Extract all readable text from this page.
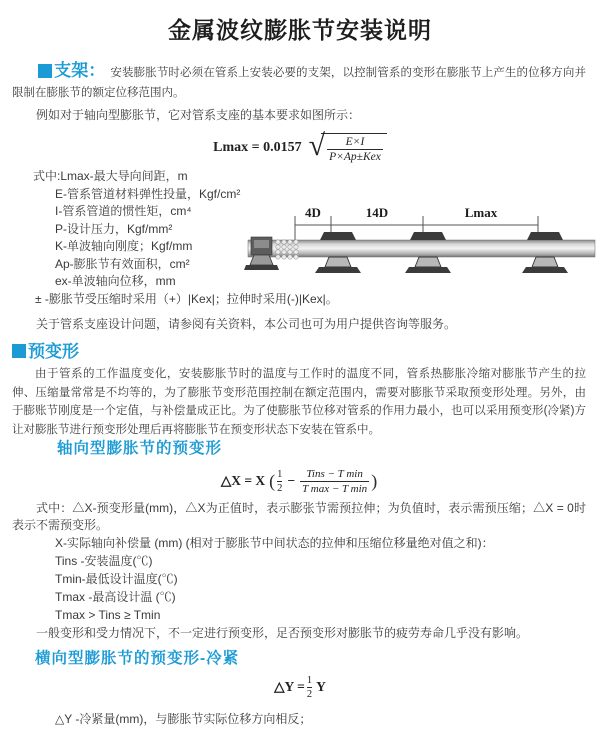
金属波纹膨胀节安装说明

支架： 安装膨胀节时必须在管系上安装必要的支架，以控制管系的变形在膨胀节上产生的位移方向并限制在膨胀节的额定位移范围内。

例如对于轴向型膨胀节，它对管系支座的基本要求如图所示：

Lmax = 0.0157 √ E×I
P×Ap±Kex
式中:Lmax-最大导向间距，m
E-管系管道材料弹性投量，Kgf/cm²
I-管系管道的惯性矩，cm⁴
P-设计压力，Kgf/mm²
K-单波轴向刚度；Kgf/mm
Ap-膨胀节有效面积，cm²
ex-单波轴向位移，mm
± -膨胀节受压缩时采用（+）|Kex|；拉伸时采用(-)|Kex|。
4D	14D	Lmax

关于管系支座设计问题，请参阅有关资料，本公司也可为用户提供咨询等服务。

预变形

由于管系的工作温度变化，安装膨胀节时的温度与工作时的温度不同，管系热膨胀冷缩对膨胀节产生的拉伸、压缩量常常是不均等的，为了膨胀节变形范围控制在额定范围内，需要对膨胀节采取预变形处理。另外，由于膨账节刚度是一个定值，与补偿量成正比。为了使膨胀节位移对管系的作用力最小，也可以采用预变形(冷紧)方让对膨胀节进行预变形处理后再将膨胀节在预变形状态下安装在管系中。

轴向型膨胀节的预变形
△X = X ( $\frac{1}{2}$ − Tins − T min
T max − T min )

式中：△X-预变形量(mm)，△X为正值时，表示膨张节需预拉伸；为负值时，表示需预压缩；△X = 0时表示不需预变形。

X-实际轴向补偿量 (mm) (相对于膨胀节中间状态的拉伸和压缩位移量绝对值之和)：
Tins -安装温度(℃)
Tmin-最低设计温度(℃)
Tmax -最高设计温 (℃)
Tmax > Tins ≥ Tmin

一般变形和受力情况下，不一定进行预变形，足否预变形对膨胀节的疲劳寿命几乎没有影响。

横向型膨胀节的预变形-冷紧
△Y = $\frac{1}{2}$ Y

△Y -冷紧量(mm)，与膨胀节实际位移方向相反；
